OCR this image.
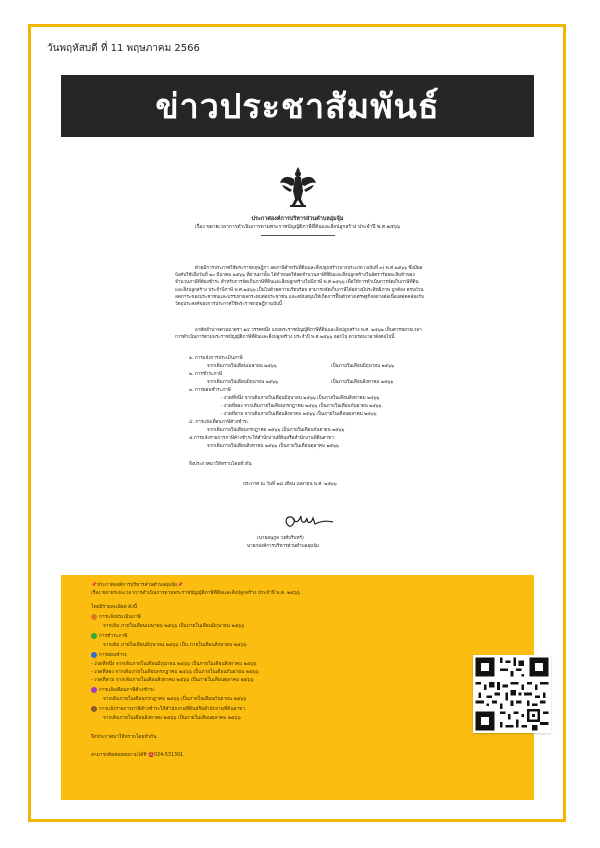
วันพฤหัสบดี ที่ 11 พฤษภาคม 2566
ข่าวประชาสัมพันธ์
ประกาศองค์การบริหารส่วนตำบลอุ่มจุ้ม
เรื่อง ขยายเวลาการดำเนินการตามพระราชบัญญัติภาษีที่ดินและสิ่งปลูกสร้าง ประจำปี พ.ศ.๒๕๖๖
ด้วยมีการประกาศใช้พระราชกฤษฎีกา ลดภาษีสำหรับที่ดินและสิ่งปลูกสร้างบางประเภท (ฉบับที่ ๓) พ.ศ.๒๕๖๖ ซึ่งมีผลบังคับใช้เมื่อวันที่ ๒๐ มีนาคม ๒๕๖๖ ที่ผ่านมานั้น ได้กำหนดให้ลดจำนวนภาษีที่ดินและสิ่งปลูกสร้างในอัตราร้อยละสิบห้าของจำนวนภาษีที่ต้องชำระ สำหรับการจัดเก็บภาษีที่ดินและสิ่งปลูกสร้างในปีภาษี พ.ศ.๒๕๖๖ เพื่อให้การดำเนินการจัดเก็บภาษีที่ดินและสิ่งปลูกสร้าง ประจำปีภาษี พ.ศ.๒๕๖๖ เป็นไปด้วยความเรียบร้อย สามารถจัดเก็บภาษีได้อย่างมีประสิทธิภาพ ถูกต้อง ครบถ้วน ลดภาระของประชาชนและบรรเทาผลกระทบต่อประชาชน และสนับสนุนให้เกิดการฟื้นตัวทางเศรษฐกิจอย่างต่อเนื่องสอดคล้องกับวัตถุประสงค์ของการประกาศใช้พระราชกฤษฎีกาฉบับนี้
อาศัยอำนาจตามมาตรา ๑๔ วรรคหนึ่ง แห่งพระราชบัญญัติภาษีที่ดินและสิ่งปลูกสร้าง พ.ศ. ๒๕๖๒ เห็นควรขยายเวลาการดำเนินการตามพระราชบัญญัติภาษีที่ดินและสิ่งปลูกสร้าง ประจำปี พ.ศ.๒๕๖๖ ออกไป ตามรอบเวลาดังต่อไปนี้
๑. การแจ้งการประเมินภาษี
จากเดิมภายในเดือนเมษายน ๒๕๖๖	เป็นภายในเดือนมิถุนายน ๒๕๖๖
๒. การชำระภาษี
จากเดิมภายในเดือนมิถุนายน ๒๕๖๖	เป็นภายในเดือนสิงหาคม ๒๕๖๖
๓. การผ่อนชำระภาษี
- งวดที่หนึ่ง จากเดิมภายในเดือนมิถุนายน ๒๕๖๖ เป็นภายในเดือนสิงหาคม ๒๕๖๖
- งวดที่สอง จากเดิมภายในเดือนกรกฎาคม ๒๕๖๖ เป็นภายในเดือนกันยายน ๒๕๖๖
- งวดที่สาม จากเดิมภายในเดือนสิงหาคม ๒๕๖๖ เป็นภายในเดือนตุลาคม ๒๕๖๖
๔. การแจ้งเตือนภาษีค้างชำระ
จากเดิมภายในเดือนกรกฎาคม ๒๕๖๖ เป็นภายในเดือนกันยายน ๒๕๖๖
๕.การแจ้งรายการภาษีค้างชำระให้สำนักงานที่ดินหรือสำนักงานที่ดินสาขา
จากเดิมภายในเดือนสิงหาคม ๒๕๖๖ เป็นภายในเดือนตุลาคม ๒๕๖๖
จึงประกาศมาให้ทราบโดยทั่วกัน
ประกาศ ณ วันที่ ๒๘ เดือน เมษายน พ.ศ. ๒๕๖๖
(นายอนุภูล วงศ์บริบทร์)
นายกองค์การบริหารส่วนตำบลอุ่มจุ้ม
📌ประกาศองค์การบริหารส่วนตำบลอุ่มจุ้ม📌
เรื่อง ขยายระยะเวลาการดำเนินการตามพระราชบัญญัติภาษีที่ดินและสิ่งปลูกสร้าง ประจำปี พ.ศ. ๒๕๖๖
โดยมีรายละเอียด ดังนี้
การแจ้งประเมินภาษี
จากเดิม ภายในเดือนเมษายน ๒๕๖๖ เป็นภายในเดือนมิถุนายน ๒๕๖๖
การชำระภาษี
จากเดิม ภายในเดือนมิถุนายน ๒๕๖๖ เป็น ภายในเดือนสิงหาคม ๒๕๖๖
การผ่อนชำระ
- งวดที่หนึ่ง จากเดิมภายในเดือนมิถุนายน ๒๕๖๖ เป็นภายในเดือนสิงหาคม ๒๕๖๖
- งวดที่สอง จากเดิมภายในเดือนกรกฎาคม ๒๕๖๖ เป็นภายในเดือนกันยายน ๒๕๖๖
- งวดที่สาม จากเดิมภายในเดือนสิงหาคม ๒๕๖๖ เป็นภายในเดือนตุลาคม ๒๕๖๖
การแจ้งเตือนภาษีค้างชำระ
จากเดิมภายในเดือนกรกฎาคม ๒๕๖๖ เป็นภายในเดือนกันยายน ๒๕๖๖
การแจ้งรายการภาษีค้างชำระให้สำนักงานที่ดินหรือสำนักงานที่ดินสาขา
จากเดิมภายในเดือนสิงหาคม ๒๕๖๖ เป็นภายในเดือนตุลาคม ๒๕๖๖
จึงประกาศมาให้ทราบโดยทั่วกัน
สามารถติดต่อสอบถามได้ที่ ☎️034-531301
